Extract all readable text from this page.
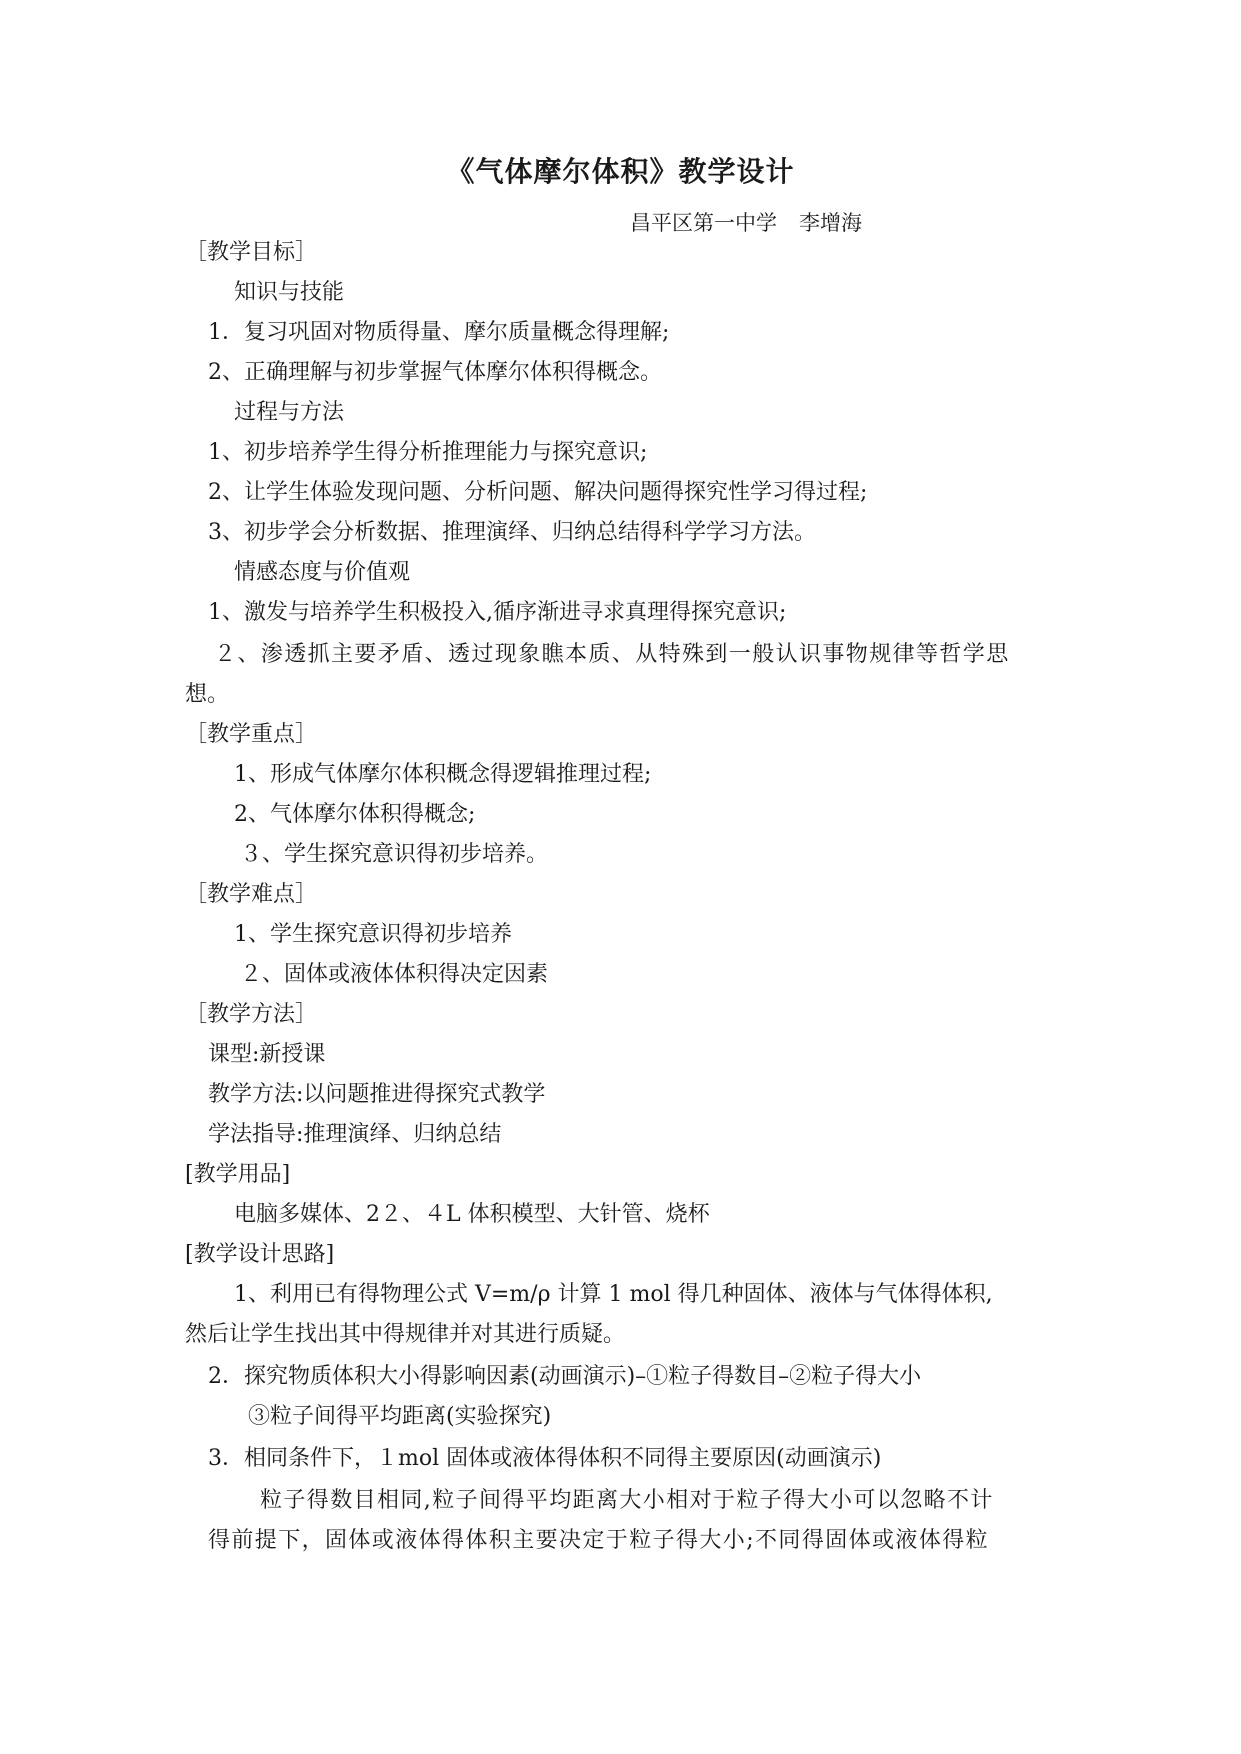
《气体摩尔体积》教学设计
昌平区第一中学 李增海
［教学目标］
知识与技能
1．复习巩固对物质得量、摩尔质量概念得理解;
2、正确理解与初步掌握气体摩尔体积得概念。
过程与方法
1、初步培养学生得分析推理能力与探究意识;
2、让学生体验发现问题、分析问题、解决问题得探究性学习得过程;
3、初步学会分析数据、推理演绎、归纳总结得科学学习方法。
情感态度与价值观
1、激发与培养学生积极投入,循序渐进寻求真理得探究意识;
２、渗透抓主要矛盾、透过现象瞧本质、从特殊到一般认识事物规律等哲学思
想。
［教学重点］
1、形成气体摩尔体积概念得逻辑推理过程;
2、气体摩尔体积得概念;
３、学生探究意识得初步培养。
［教学难点］
1、学生探究意识得初步培养
２、固体或液体体积得决定因素
［教学方法］
课型:新授课
教学方法:以问题推进得探究式教学
学法指导:推理演绎、归纳总结
[教学用品]
电脑多媒体、2２、４L 体积模型、大针管、烧杯
[教学设计思路]
1、利用已有得物理公式 V=m/ρ 计算 1 mol 得几种固体、液体与气体得体积,
然后让学生找出其中得规律并对其进行质疑。
2．探究物质体积大小得影响因素(动画演示)–①粒子得数目–②粒子得大小
③粒子间得平均距离(实验探究)
3．相同条件下，１mol 固体或液体得体积不同得主要原因(动画演示)
粒子得数目相同,粒子间得平均距离大小相对于粒子得大小可以忽略不计
得前提下，固体或液体得体积主要决定于粒子得大小;不同得固体或液体得粒
